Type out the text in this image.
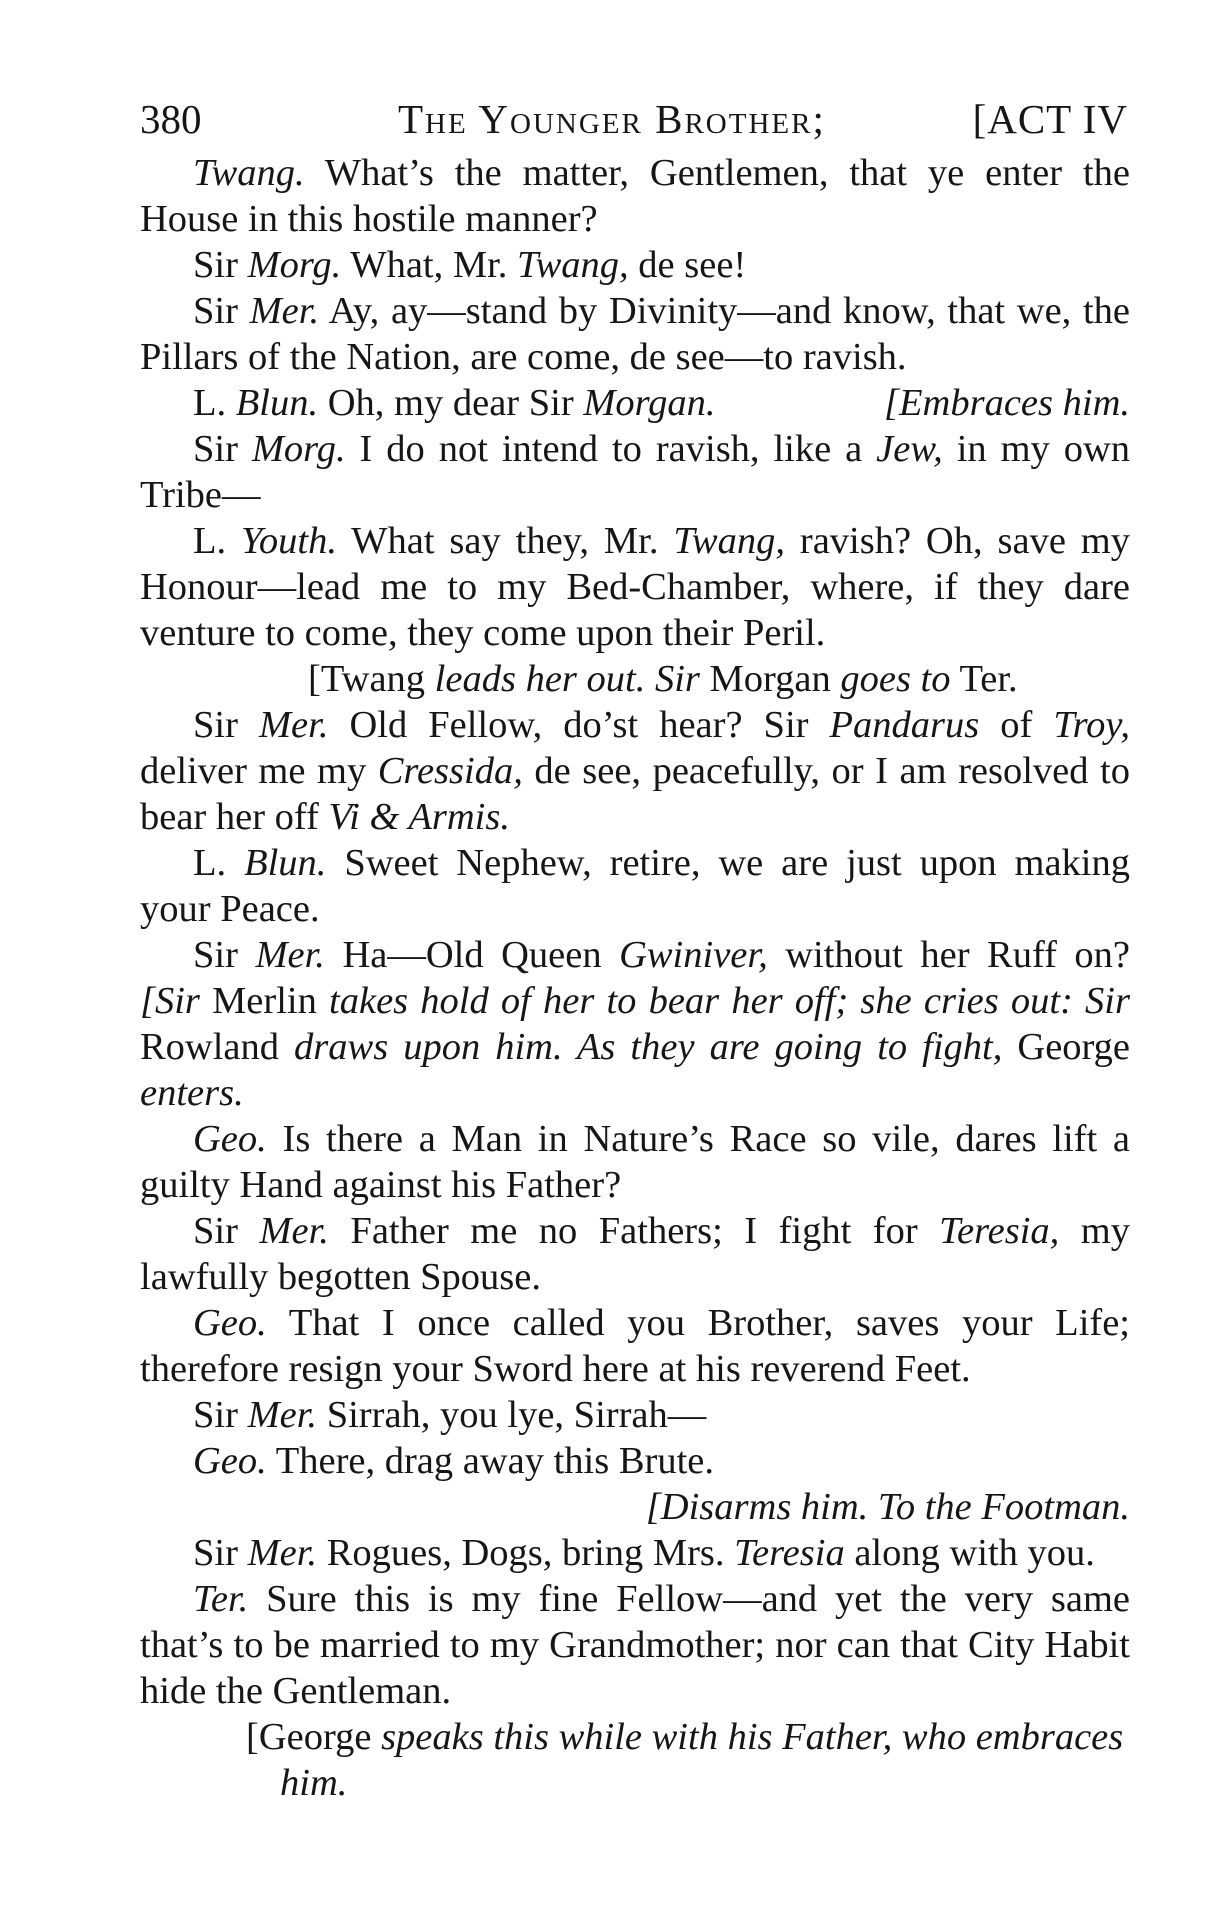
380	The Younger Brother;	[ACT IV

Twang. What’s the matter, Gentlemen, that ye enter the House in this hostile manner?

Sir Morg. What, Mr. Twang, de see!

Sir Mer. Ay, ay—stand by Divinity—and know, that we, the Pillars of the Nation, are come, de see—to ravish.

L. Blun. Oh, my dear Sir Morgan.	[Embraces him.

Sir Morg. I do not intend to ravish, like a Jew, in my own Tribe—

L. Youth. What say they, Mr. Twang, ravish? Oh, save my Honour—lead me to my Bed-Chamber, where, if they dare venture to come, they come upon their Peril.

[Twang leads her out. Sir Morgan goes to Ter.

Sir Mer. Old Fellow, do’st hear? Sir Pandarus of Troy, deliver me my Cressida, de see, peacefully, or I am resolved to bear her off Vi & Armis.

L. Blun. Sweet Nephew, retire, we are just upon making your Peace.

Sir Mer. Ha—Old Queen Gwiniver, without her Ruff on? [Sir Merlin takes hold of her to bear her off; she cries out: Sir Rowland draws upon him. As they are going to fight, George enters.

Geo. Is there a Man in Nature’s Race so vile, dares lift a guilty Hand against his Father?

Sir Mer. Father me no Fathers; I fight for Teresia, my lawfully begotten Spouse.

Geo. That I once called you Brother, saves your Life; therefore resign your Sword here at his reverend Feet.

Sir Mer. Sirrah, you lye, Sirrah—

Geo. There, drag away this Brute.

[Disarms him. To the Footman.

Sir Mer. Rogues, Dogs, bring Mrs. Teresia along with you.

Ter. Sure this is my fine Fellow—and yet the very same that’s to be married to my Grandmother; nor can that City Habit hide the Gentleman.

[George speaks this while with his Father, who embraces him.
